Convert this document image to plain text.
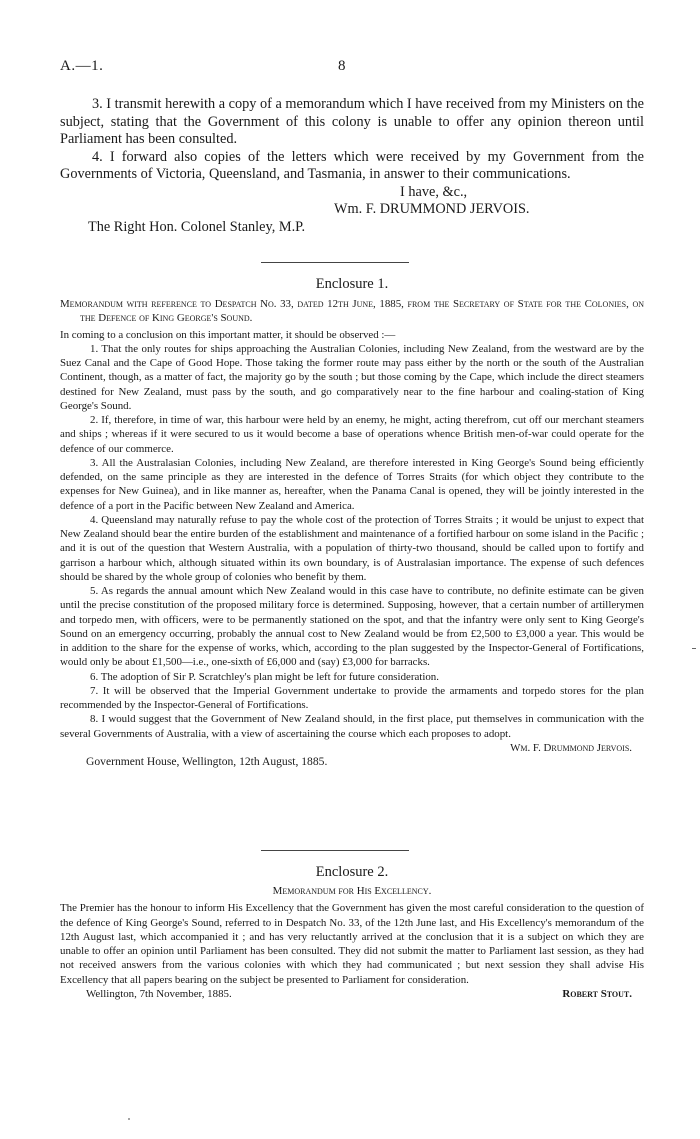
A.—1.	8

3. I transmit herewith a copy of a memorandum which I have received from my Ministers on the subject, stating that the Government of this colony is unable to offer any opinion thereon until Parliament has been consulted.

4. I forward also copies of the letters which were received by my Government from the Governments of Victoria, Queensland, and Tasmania, in answer to their communications.

I have, &c.,
Wm. F. DRUMMOND JERVOIS.
The Right Hon. Colonel Stanley, M.P.
Enclosure 1.

Memorandum with reference to Despatch No. 33, dated 12th June, 1885, from the Secretary of State for the Colonies, on the Defence of King George's Sound.

In coming to a conclusion on this important matter, it should be observed :—

1. That the only routes for ships approaching the Australian Colonies, including New Zealand, from the westward are by the Suez Canal and the Cape of Good Hope. Those taking the former route may pass either by the north or the south of the Australian Continent, though, as a matter of fact, the majority go by the south ; but those coming by the Cape, which include the direct steamers destined for New Zealand, must pass by the south, and go comparatively near to the fine harbour and coaling-station of King George's Sound.

2. If, therefore, in time of war, this harbour were held by an enemy, he might, acting therefrom, cut off our merchant steamers and ships ; whereas if it were secured to us it would become a base of operations whence British men-of-war could operate for the defence of our commerce.

3. All the Australasian Colonies, including New Zealand, are therefore interested in King George's Sound being efficiently defended, on the same principle as they are interested in the defence of Torres Straits (for which object they contribute to the expenses for New Guinea), and in like manner as, hereafter, when the Panama Canal is opened, they will be jointly interested in the defence of a port in the Pacific between New Zealand and America.

4. Queensland may naturally refuse to pay the whole cost of the protection of Torres Straits ; it would be unjust to expect that New Zealand should bear the entire burden of the establishment and maintenance of a fortified harbour on some island in the Pacific ; and it is out of the question that Western Australia, with a population of thirty-two thousand, should be called upon to fortify and garrison a harbour which, although situated within its own boundary, is of Australasian importance. The expense of such defences should be shared by the whole group of colonies who benefit by them.

5. As regards the annual amount which New Zealand would in this case have to contribute, no definite estimate can be given until the precise constitution of the proposed military force is determined. Supposing, however, that a certain number of artillerymen and torpedo men, with officers, were to be permanently stationed on the spot, and that the infantry were only sent to King George's Sound on an emergency occurring, probably the annual cost to New Zealand would be from £2,500 to £3,000 a year. This would be in addition to the share for the expense of works, which, according to the plan suggested by the Inspector-General of Fortifications, would only be about £1,500—i.e., one-sixth of £6,000 and (say) £3,000 for barracks.

6. The adoption of Sir P. Scratchley's plan might be left for future consideration.

7. It will be observed that the Imperial Government undertake to provide the armaments and torpedo stores for the plan recommended by the Inspector-General of Fortifications.

8. I would suggest that the Government of New Zealand should, in the first place, put themselves in communication with the several Governments of Australia, with a view of ascertaining the course which each proposes to adopt.

Wm. F. Drummond Jervois.
Government House, Wellington, 12th August, 1885.
Enclosure 2.
Memorandum for His Excellency.

The Premier has the honour to inform His Excellency that the Government has given the most careful consideration to the question of the defence of King George's Sound, referred to in Despatch No. 33, of the 12th June last, and His Excellency's memorandum of the 12th August last, which accompanied it ; and has very reluctantly arrived at the conclusion that it is a subject on which they are unable to offer an opinion until Parliament has been consulted. They did not submit the matter to Parliament last session, as they had not received answers from the various colonies with which they had communicated ; but next session they shall advise His Excellency that all papers bearing on the subject be presented to Parliament for consideration.

Wellington, 7th November, 1885.	Robert Stout.
